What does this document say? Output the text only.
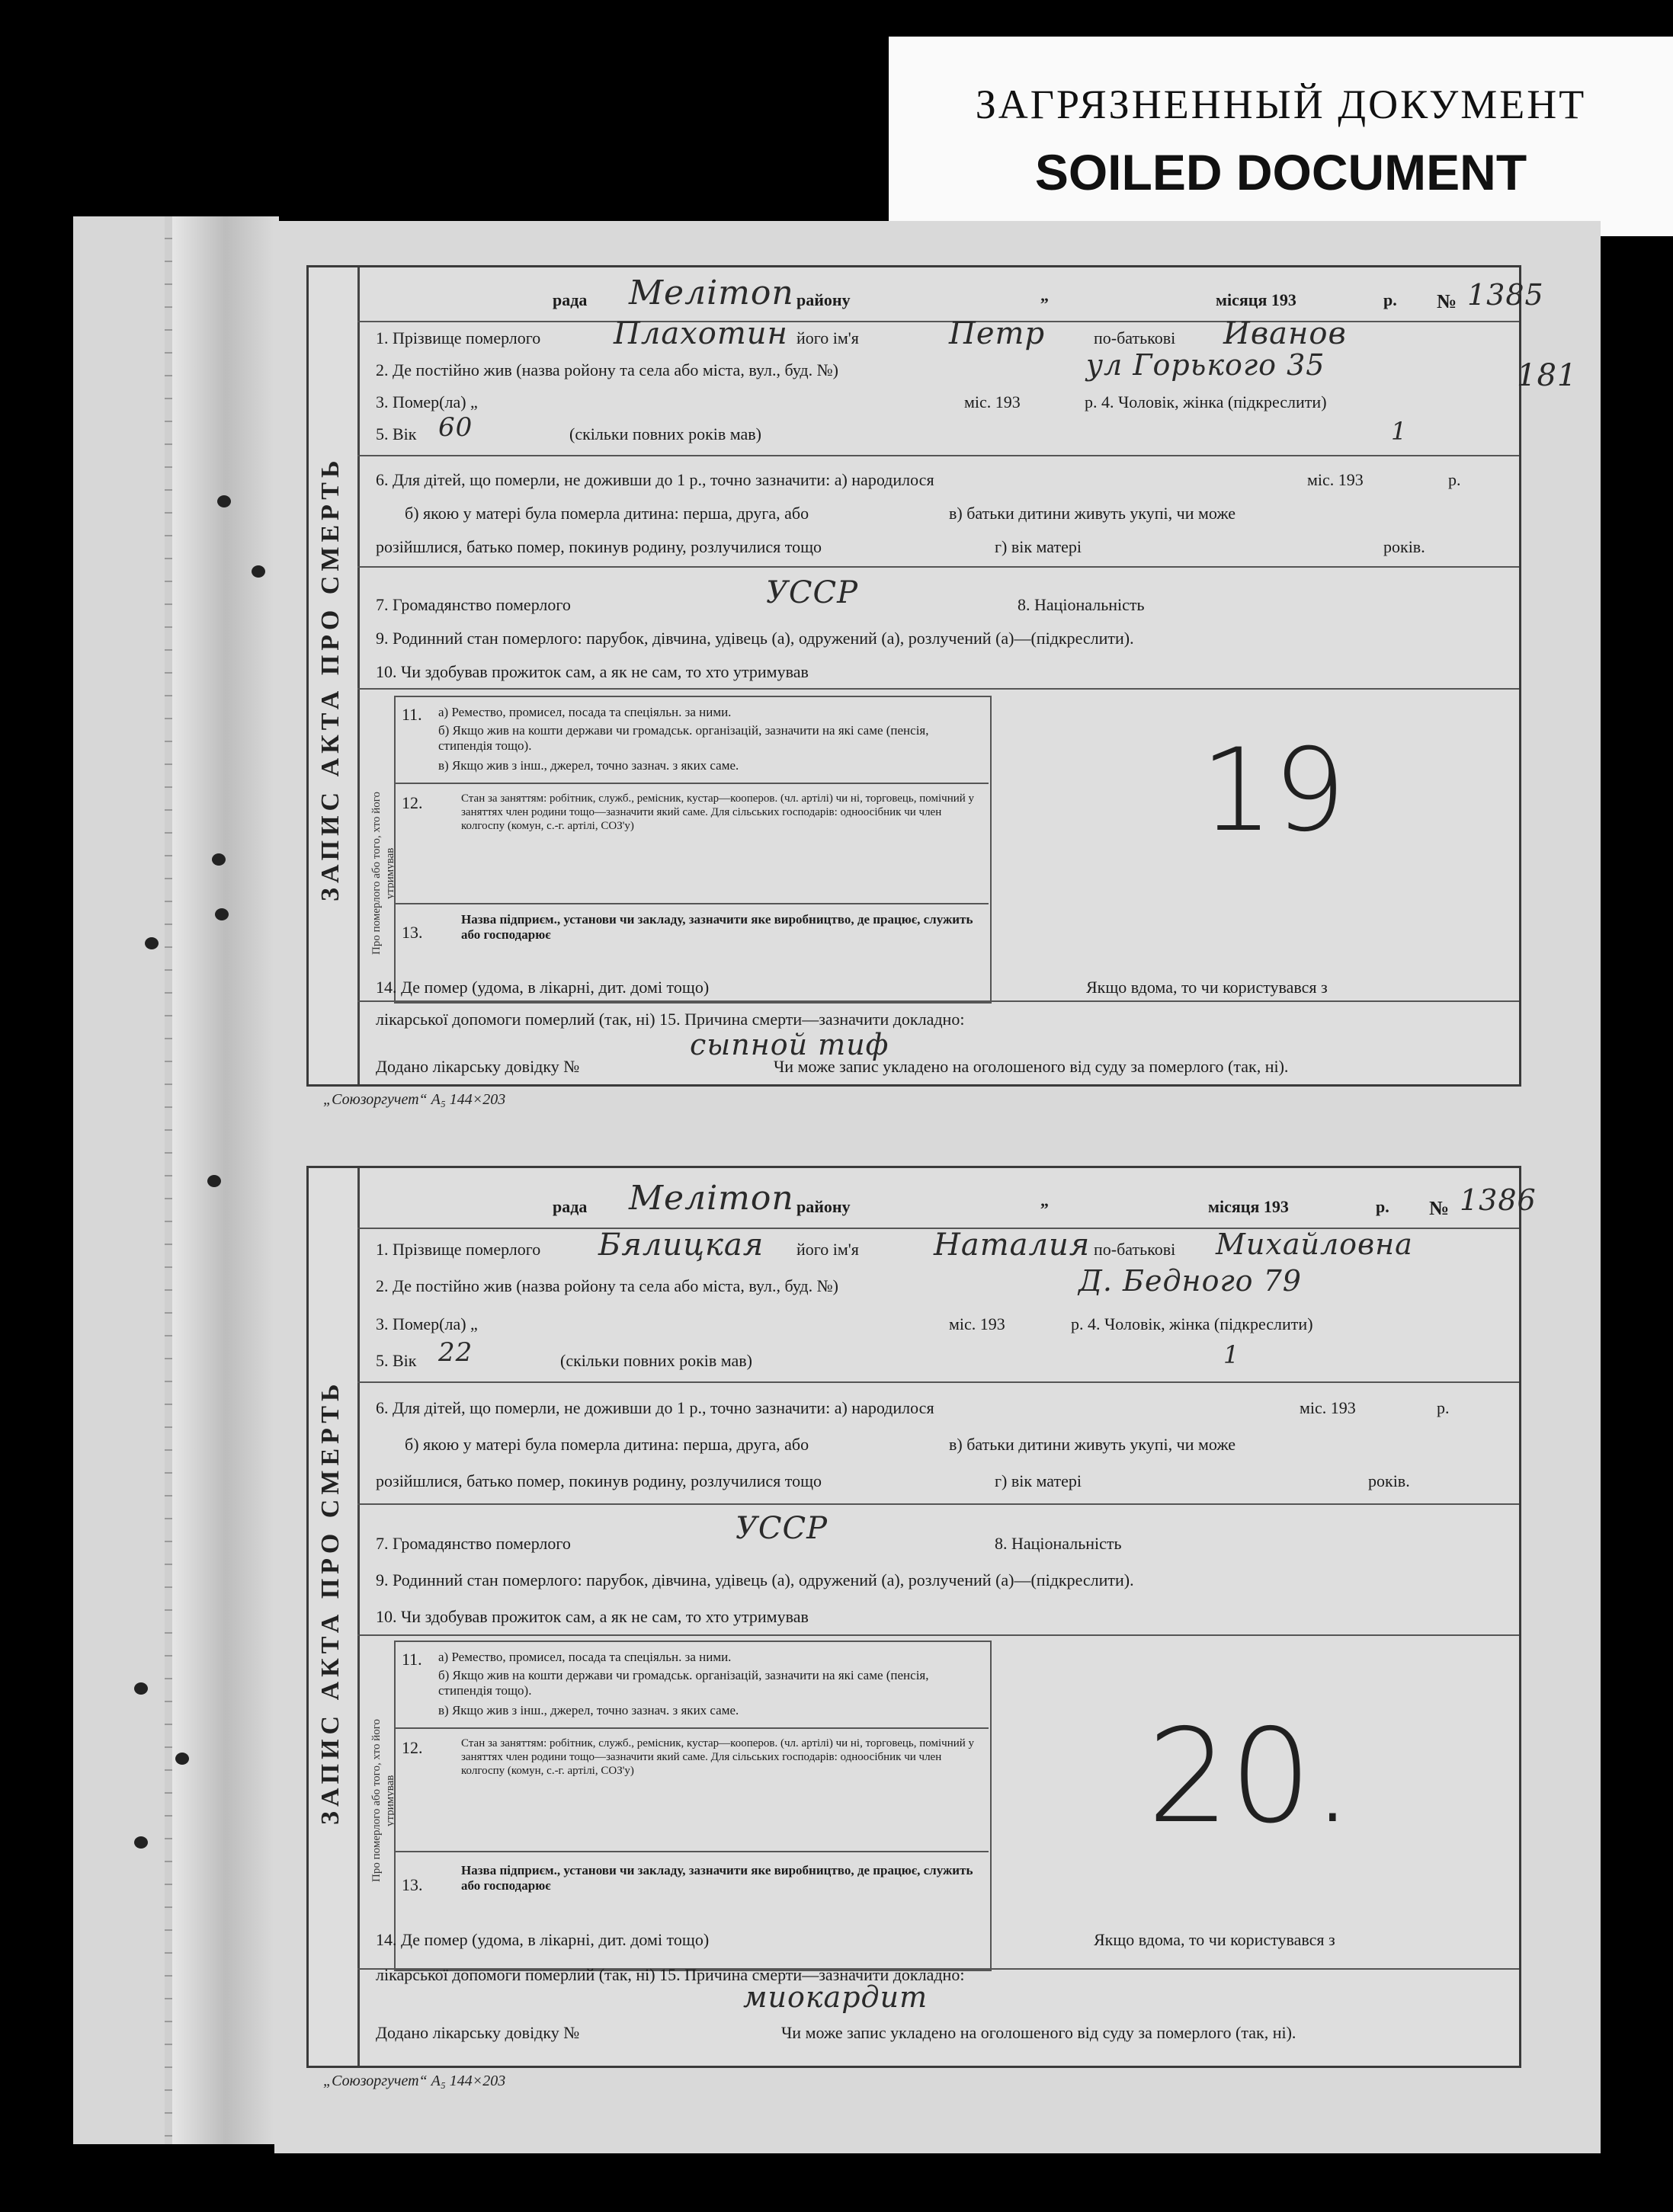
ЗАГРЯЗНЕННЫЙ ДОКУМЕНТ
SOILED DOCUMENT
ЗАПИС АКТА ПРО СМЕРТЬ	Про померлого або того, хто його утримував
рада Мелітоп району	„	місяця 193	р. № 1385
1. Прізвище померлого Плахотин його ім'я	Петр	по-батькові Иванов
2. Де постійно жив (назва ройону та села або міста, вул., буд. №)	ул Горького 35
3. Помер(ла) „	міс. 193	р. 4. Чоловік, жінка (підкреслити)
5. Вік 60	(скільки повних років мав)	1
6. Для дітей, що померли, не доживши до 1 р., точно зазначити: а) народилося	міс. 193	р.
б) якою у матері була померла дитина: перша, друга, або	в) батьки дитини живуть укупі, чи може
розійшлися, батько помер, покинув родину, розлучилися тощо	г) вік матері	років.
7. Громадянство померлого	УССР	8. Національність
9. Родинний стан померлого: парубок, дівчина, удівець (а), одружений (а), розлучений (а)—(підкреслити).
10. Чи здобував прожиток сам, а як не сам, то хто утримував
11. а) Ремество, промисел, посада та спеціяльн. за ними.
б) Якщо жив на кошти держави чи громадськ. організацій, зазначити на які саме (пенсія, стипендія тощо).
в) Якщо жив з інш., джерел, точно зазнач. з яких саме.
12.	Стан за заняттям: робітник, служб., ремісник, кустар—кооперов. (чл. артілі) чи ні, торговець, помічний у заняттях член родини тощо—зазначити який саме. Для сільських господарів: одноосібник чи член колгоспу (комун, с.-г. артілі, СОЗ'у)
13.
Назва підприєм., установи чи закладу, зазначити яке виробництво, де працює, служить або господарює
19
14. Де помер (удома, в лікарні, дит. домі тощо)	Якщо вдома, то чи користувався з
лікарської допомоги померлий (так, ні) 15. Причина смерти—зазначити докладно:
сыпной тиф
Додано лікарську довідку №	Чи може запис укладено на оголошеного від суду за померлого (так, ні).
„Союзоргучет“ А₅ 144×203
181
ЗАПИС АКТА ПРО СМЕРТЬ	Про померлого або того, хто його утримував
рада Мелітоп району	„	місяця 193	р. № 1386
1. Прізвище померлого Бялицкая його ім'я Наталия по-батькові Михайловна
2. Де постійно жив (назва ройону та села або міста, вул., буд. №)	Д. Бедного 79
3. Помер(ла) „	міс. 193	р. 4. Чоловік, жінка (підкреслити)
5. Вік 22	(скільки повних років мав)	1
6. Для дітей, що померли, не доживши до 1 р., точно зазначити: а) народилося	міс. 193	р.
б) якою у матері була померла дитина: перша, друга, або	в) батьки дитини живуть укупі, чи може
розійшлися, батько помер, покинув родину, розлучилися тощо	г) вік матері	років.
7. Громадянство померлого	УССР	8. Національність
9. Родинний стан померлого: парубок, дівчина, удівець (а), одружений (а), розлучений (а)—(підкреслити).
10. Чи здобував прожиток сам, а як не сам, то хто утримував
11. а) Ремество, промисел, посада та спеціяльн. за ними.
б) Якщо жив на кошти держави чи громадськ. організацій, зазначити на які саме (пенсія, стипендія тощо).
в) Якщо жив з інш., джерел, точно зазнач. з яких саме.
12.	Стан за заняттям: робітник, служб., ремісник, кустар—кооперов. (чл. артілі) чи ні, торговець, помічний у заняттях член родини тощо—зазначити який саме. Для сільських господарів: одноосібник чи член колгоспу (комун, с.-г. артілі, СОЗ'у)
13.
Назва підприєм., установи чи закладу, зазначити яке виробництво, де працює, служить або господарює
20.
14. Де помер (удома, в лікарні, дит. домі тощо)	Якщо вдома, то чи користувався з
лікарської допомоги померлий (так, ні) 15. Причина смерти—зазначити докладно:
миокардит
Додано лікарську довідку №	Чи може запис укладено на оголошеного від суду за померлого (так, ні).
„Союзоргучет“ А₅ 144×203
